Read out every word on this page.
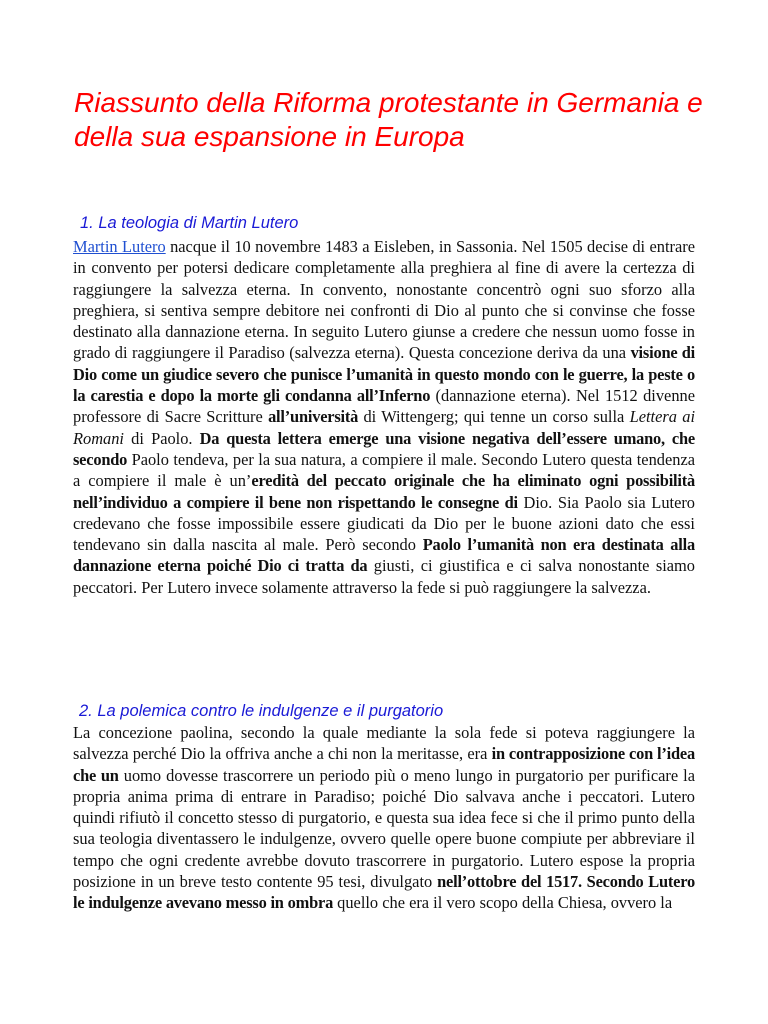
Riassunto della Riforma protestante in Germania e della sua espansione in Europa
1. La teologia di Martin Lutero

Martin Lutero nacque il 10 novembre 1483 a Eisleben, in Sassonia. Nel 1505 decise di entrare in convento per potersi dedicare completamente alla preghiera al fine di avere la certezza di raggiungere la salvezza eterna. In convento, nonostante concentrò ogni suo sforzo alla preghiera, si sentiva sempre debitore nei confronti di Dio al punto che si convinse che fosse destinato alla dannazione eterna. In seguito Lutero giunse a credere che nessun uomo fosse in grado di raggiungere il Paradiso (salvezza eterna). Questa concezione deriva da una visione di Dio come un giudice severo che punisce l’umanità in questo mondo con le guerre, la peste o la carestia e dopo la morte gli condanna all’Inferno (dannazione eterna). Nel 1512 divenne professore di Sacre Scritture all’università di Wittengerg; qui tenne un corso sulla Lettera ai Romani di Paolo. Da questa lettera emerge una visione negativa dell’essere umano, che secondo Paolo tendeva, per la sua natura, a compiere il male. Secondo Lutero questa tendenza a compiere il male è un’eredità del peccato originale che ha eliminato ogni possibilità nell’individuo a compiere il bene non rispettando le consegne di Dio. Sia Paolo sia Lutero credevano che fosse impossibile essere giudicati da Dio per le buone azioni dato che essi tendevano sin dalla nascita al male. Però secondo Paolo l’umanità non era destinata alla dannazione eterna poiché Dio ci tratta da giusti, ci giustifica e ci salva nonostante siamo peccatori. Per Lutero invece solamente attraverso la fede si può raggiungere la salvezza.

2. La polemica contro le indulgenze e il purgatorio

La concezione paolina, secondo la quale mediante la sola fede si poteva raggiungere la salvezza perché Dio la offriva anche a chi non la meritasse, era in contrapposizione con l’idea che un uomo dovesse trascorrere un periodo più o meno lungo in purgatorio per purificare la propria anima prima di entrare in Paradiso; poiché Dio salvava anche i peccatori. Lutero quindi rifiutò il concetto stesso di purgatorio, e questa sua idea fece si che il primo punto della sua teologia diventassero le indulgenze, ovvero quelle opere buone compiute per abbreviare il tempo che ogni credente avrebbe dovuto trascorrere in purgatorio. Lutero espose la propria posizione in un breve testo contente 95 tesi, divulgato nell’ottobre del 1517. Secondo Lutero le indulgenze avevano messo in ombra quello che era il vero scopo della Chiesa, ovvero la
